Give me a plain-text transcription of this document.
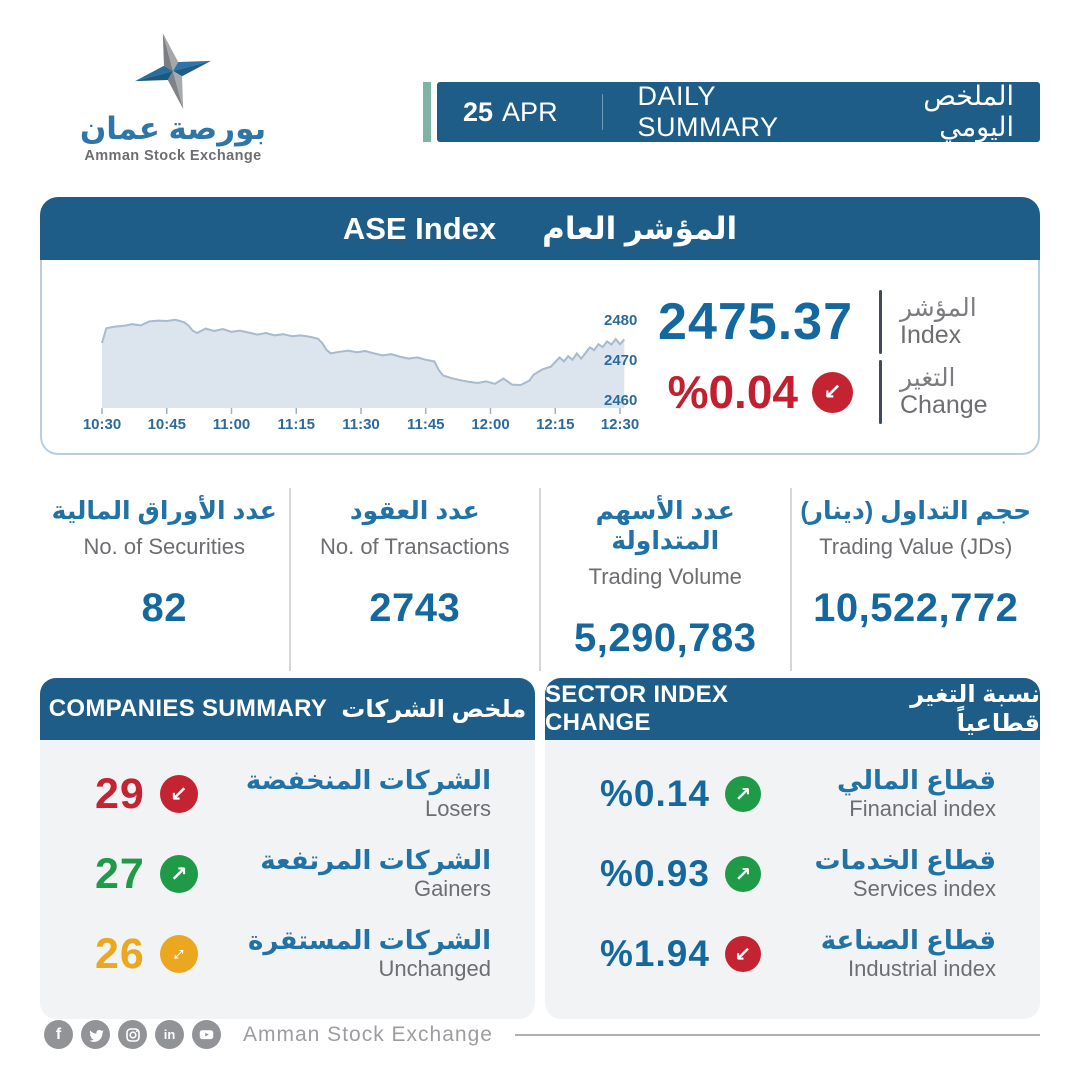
بورصة عمان
Amman Stock Exchange
25 APR
DAILY SUMMARY
الملخص اليومي
ASE Index المؤشر العام
10:30 10:45 11:00 11:15 11:30 11:45 12:00 12:15 12:30
2480
2470
2460
2475.37 المؤشر
Index
%0.04 ↙ التغير
Change
عدد الأوراق المالية
No. of Securities
82
عدد العقود
No. of Transactions
2743
عدد الأسهم المتداولة
Trading Volume
5,290,783
حجم التداول (دينار)
Trading Value (JDs)
10,522,772
COMPANIES SUMMARY ملخص الشركات
29 ↙ الشركات المنخفضة
Losers
27 ↗	الشركات المرتفعة
Gainers
26 ↕ الشركات المستقرة
Unchanged
SECTOR INDEX CHANGE
نسبة التغير قطاعياً
%0.14 ↗	قطاع المالي
Financial index
%0.93 ↗ قطاع الخدمات
Services index
%1.94 ↙	قطاع الصناعة
Industrial index
f	in	Amman Stock Exchange
